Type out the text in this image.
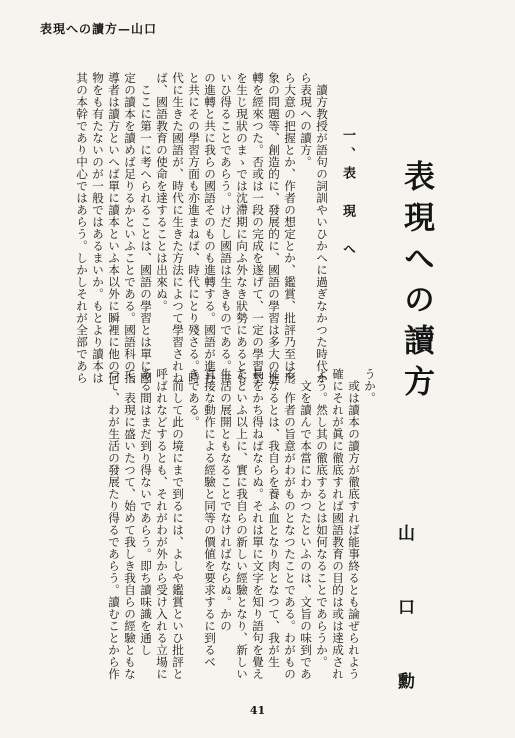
表現への讀方—山口
表現への讀方
山　口　勳
一、表　現　へ
うか。
　或は讀本の讀方が徹底すれば能事終るとも論ぜられよう
確にそれが眞に徹底すれば國語教育の目的は或は達成され
よう。然し其の徹底するとは如何なることであらうか。
　文を讀んで本當にわかつたといふのは、文旨の味到であ
る。作者の旨意がわがものとなつたことである。わがもの
になるとは、我自らを養ふ血となり肉となつて、我が生
長をかち得ねばならぬ。それは單に文字を知り語句を覺え
たといふ以上に、實に我自らの新しい經驗となり、新しい
生活の展開ともなることでなければならぬ。かの
直接な動作による經驗と同等の價値を要求するに到るべ
きである。
　而して此の境にまで到るには、よしや鑑賞といひ批評と
呼ばれなどするとも、それがわが外から受け入れる立場に
ある間はまだ到り得ないであらう。即ち讀味識を通し
て、表現に盛いたつて、始めて我しき我自らの經驗ともな
つて、わが生活の發展たり得るであらう。讀むことから作
ら表現への讀方。 　讀方教授が語句の詞訓やいひかへに過ぎなかつた時代か
ら大意の把握とか、作者の想定とか、鑑賞、批評乃至は形
象の問題等、創造的に、發展的に、國語の學習は多大の進
轉を經來つた。否或は一段の完成を遂げて、一定の學習型
を生じ現狀のまゝでは沈滯期に向ふ外なき狀勢にあるとも
いひ得ることであらう。けだし國語は生きものである。世
の進轉と共に我らの國語そのものも進轉する。國語が進む
と共にその學習方面も亦進まねば、時代にとり殘さる。時
代に生きた國語が、時代に生きた方法によつて學習されね
ば、國語教育の使命を達することは出來ぬ。
　ここに第一に考へられることは、國語の學習とは單に國
定の讀本を讀めば足りるかといふことである。國語科の指
導者は讀方といへば單に讀本といふ本以外に瞬裡に他の何
物をも有たないのが一般ではあるまいか。もとより讀本は
其の本幹であり中心ではあらう。しかしそれが全部であら
41
